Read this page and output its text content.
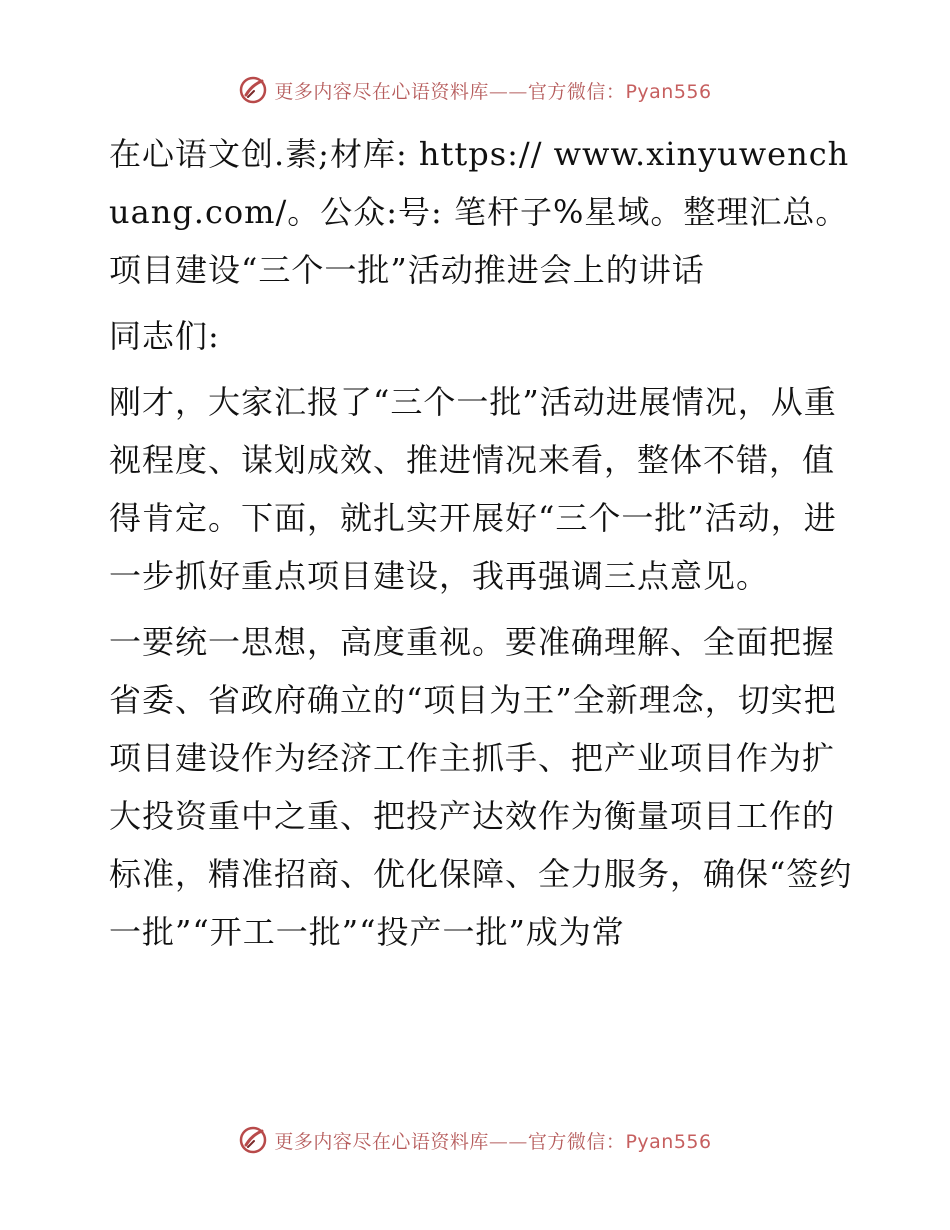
更多内容尽在心语资料库——官方微信：Pyan556

在心语文创.素;材库: https:// www.xinyuwenchuang.com/。公众:号: 笔杆子%星域。整理汇总。项目建设“三个一批”活动推进会上的讲话

同志们:

刚才，大家汇报了“三个一批”活动进展情况，从重视程度、谋划成效、推进情况来看，整体不错，值得肯定。下面，就扎实开展好“三个一批”活动，进一步抓好重点项目建设，我再强调三点意见。

一要统一思想，高度重视。要准确理解、全面把握省委、省政府确立的“项目为王”全新理念，切实把项目建设作为经济工作主抓手、把产业项目作为扩大投资重中之重、把投产达效作为衡量项目工作的标准，精准招商、优化保障、全力服务，确保“签约一批”“开工一批”“投产一批”成为常

更多内容尽在心语资料库——官方微信：Pyan556
